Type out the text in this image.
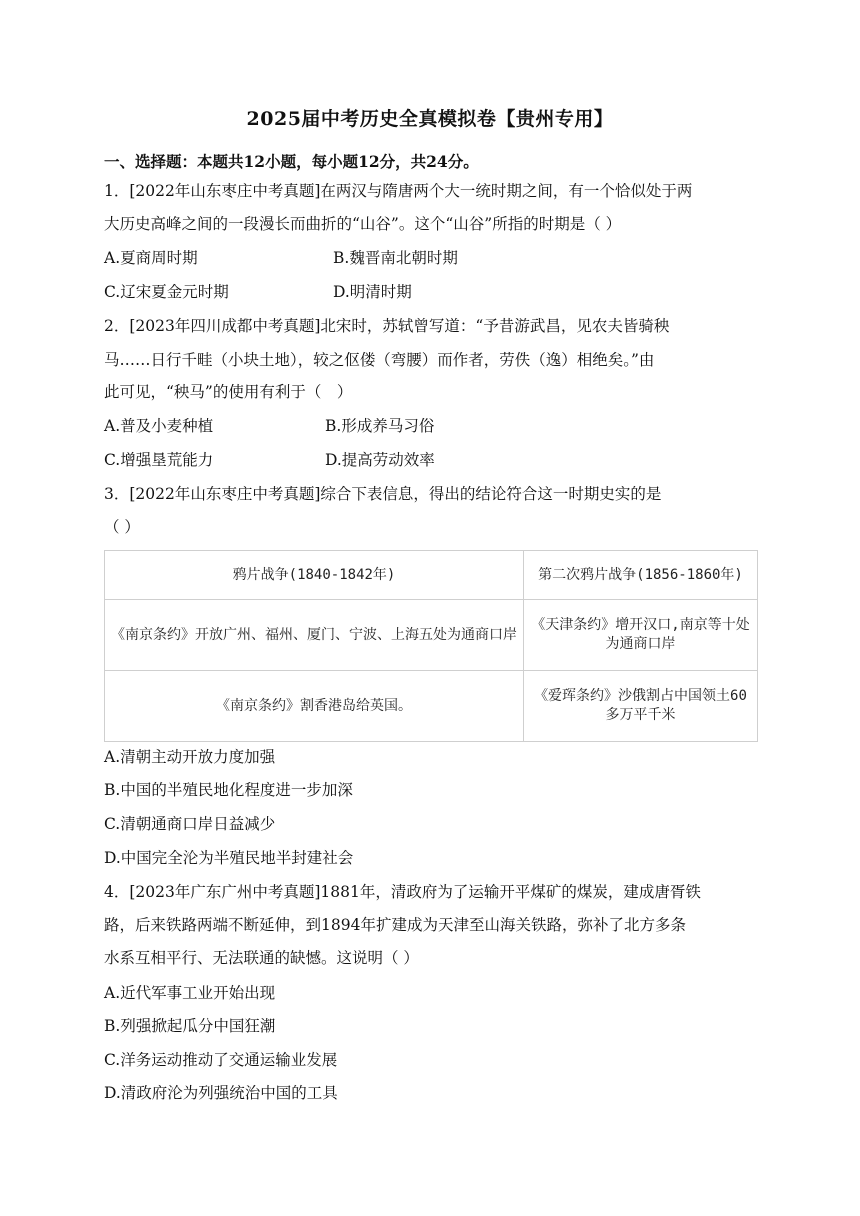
2025届中考历史全真模拟卷【贵州专用】
一、选择题：本题共12小题，每小题12分，共24分。
1．[2022年山东枣庄中考真题]在两汉与隋唐两个大一统时期之间，有一个恰似处于两
大历史高峰之间的一段漫长而曲折的“山谷”。这个“山谷”所指的时期是（ ）
A.夏商周时期	B.魏晋南北朝时期
C.辽宋夏金元时期	D.明清时期
2．[2023年四川成都中考真题]北宋时，苏轼曾写道：“予昔游武昌，见农夫皆骑秧
马……日行千畦（小块土地），较之伛偻（弯腰）而作者，劳佚（逸）相绝矣。”由
此可见，“秧马”的使用有利于（　）
A.普及小麦种植	B.形成养马习俗
C.增强垦荒能力	D.提高劳动效率
3．[2022年山东枣庄中考真题]综合下表信息，得出的结论符合这一时期史实的是
（ ）
鸦片战争(1840-1842年)	第二次鸦片战争(1856-1860年)
《南京条约》开放广州、福州、厦门、宁波、上海五处为通商口岸	《天津条约》增开汉口,南京等十处为通商口岸
《南京条约》割香港岛给英国。	《爱珲条约》沙俄割占中国领土60多万平千米
A.清朝主动开放力度加强
B.中国的半殖民地化程度进一步加深
C.清朝通商口岸日益减少
D.中国完全沦为半殖民地半封建社会
4．[2023年广东广州中考真题]1881年，清政府为了运输开平煤矿的煤炭，建成唐胥铁
路，后来铁路两端不断延伸，到1894年扩建成为天津至山海关铁路，弥补了北方多条
水系互相平行、无法联通的缺憾。这说明（ ）
A.近代军事工业开始出现
B.列强掀起瓜分中国狂潮
C.洋务运动推动了交通运输业发展
D.清政府沦为列强统治中国的工具
